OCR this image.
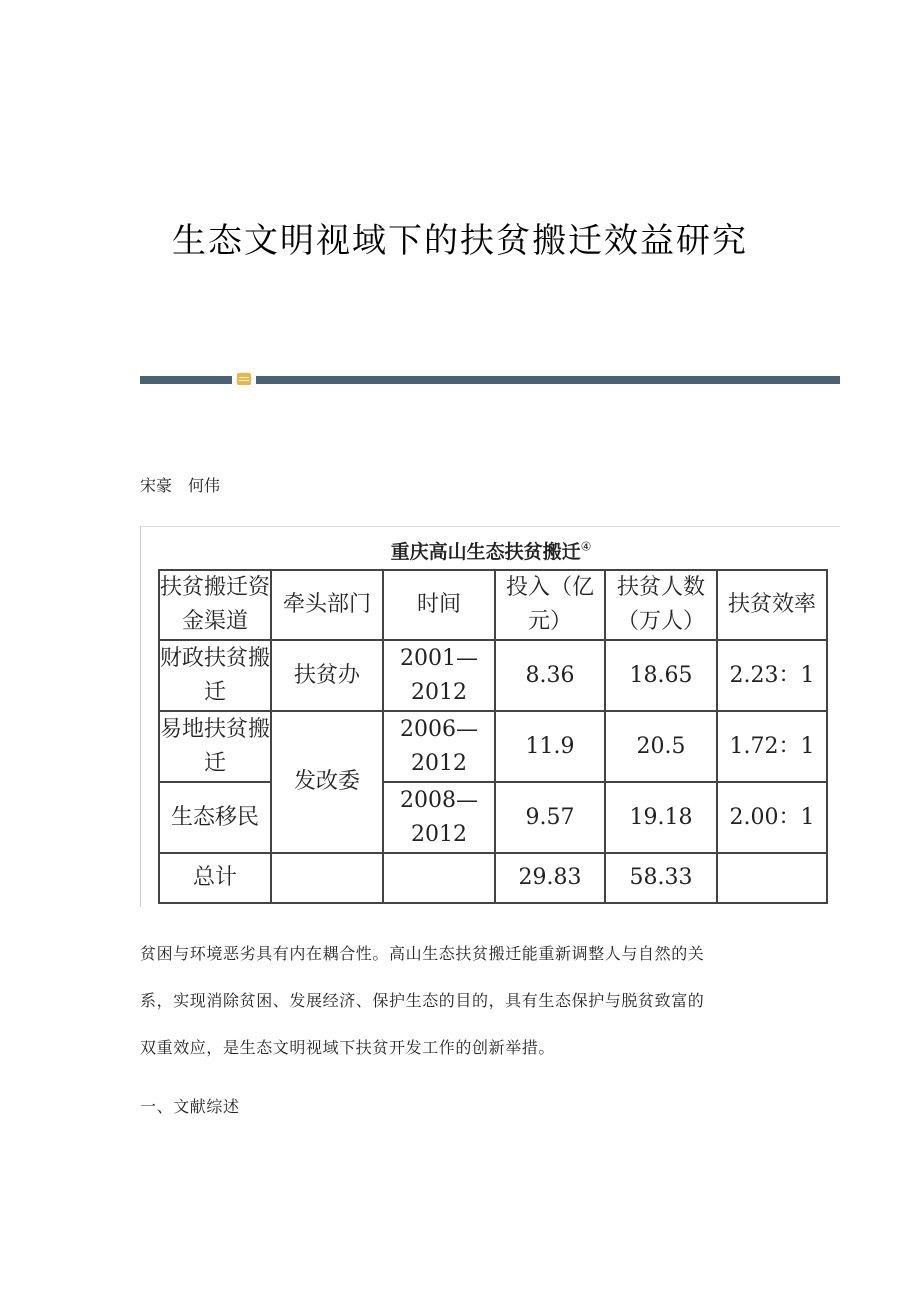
生态文明视域下的扶贫搬迁效益研究
宋豪　何伟
重庆高山生态扶贫搬迁④
扶贫搬迁资金渠道	牵头部门	时间	投入（亿元）	扶贫人数（万人）	扶贫效率
财政扶贫搬迁	扶贫办	2001—2012	8.36	18.65	2.23：1
易地扶贫搬迁	发改委	2006—2012	11.9	20.5	1.72：1
生态移民		2008—2012	9.57	19.18	2.00：1
总计			29.83	58.33	
贫困与环境恶劣具有内在耦合性。高山生态扶贫搬迁能重新调整人与自然的关
系，实现消除贫困、发展经济、保护生态的目的，具有生态保护与脱贫致富的
双重效应，是生态文明视域下扶贫开发工作的创新举措。
一、文献综述
